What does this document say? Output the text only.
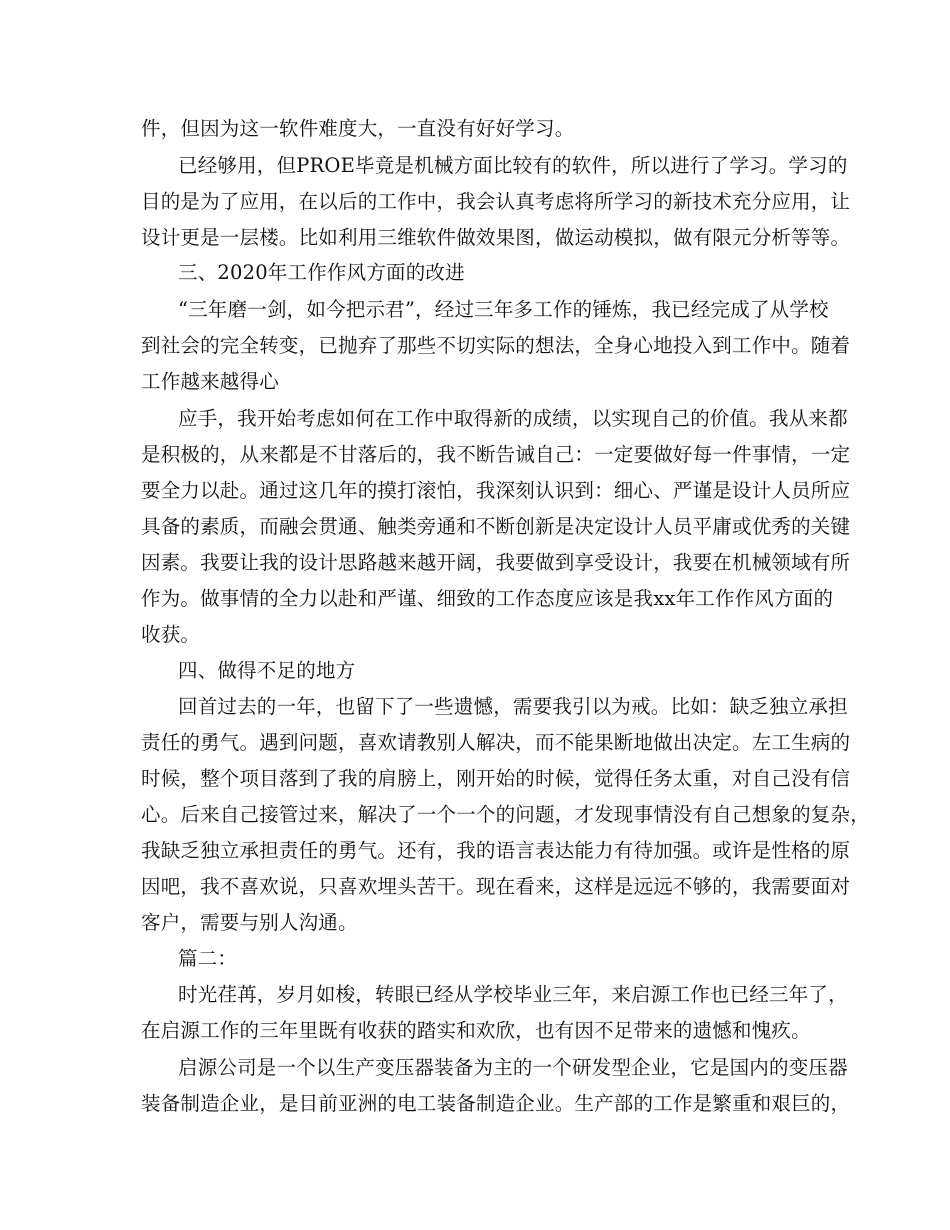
件，但因为这一软件难度大，一直没有好好学习。
已经够用，但PROE毕竟是机械方面比较有的软件，所以进行了学习。学习的
目的是为了应用，在以后的工作中，我会认真考虑将所学习的新技术充分应用，让
设计更是一层楼。比如利用三维软件做效果图，做运动模拟，做有限元分析等等。
三、2020年工作作风方面的改进
“三年磨一剑，如今把示君”，经过三年多工作的锤炼，我已经完成了从学校
到社会的完全转变，已抛弃了那些不切实际的想法，全身心地投入到工作中。随着
工作越来越得心
应手，我开始考虑如何在工作中取得新的成绩，以实现自己的价值。我从来都
是积极的，从来都是不甘落后的，我不断告诫自己：一定要做好每一件事情，一定
要全力以赴。通过这几年的摸打滚怕，我深刻认识到：细心、严谨是设计人员所应
具备的素质，而融会贯通、触类旁通和不断创新是决定设计人员平庸或优秀的关键
因素。我要让我的设计思路越来越开阔，我要做到享受设计，我要在机械领域有所
作为。做事情的全力以赴和严谨、细致的工作态度应该是我xx年工作作风方面的
收获。
四、做得不足的地方
回首过去的一年，也留下了一些遗憾，需要我引以为戒。比如：缺乏独立承担
责任的勇气。遇到问题，喜欢请教别人解决，而不能果断地做出决定。左工生病的
时候，整个项目落到了我的肩膀上，刚开始的时候，觉得任务太重，对自己没有信
心。后来自己接管过来，解决了一个一个的问题，才发现事情没有自己想象的复杂，
我缺乏独立承担责任的勇气。还有，我的语言表达能力有待加强。或许是性格的原
因吧，我不喜欢说，只喜欢埋头苦干。现在看来，这样是远远不够的，我需要面对
客户，需要与别人沟通。
篇二：
时光荏苒，岁月如梭，转眼已经从学校毕业三年，来启源工作也已经三年了，
在启源工作的三年里既有收获的踏实和欢欣，也有因不足带来的遗憾和愧疚。
启源公司是一个以生产变压器装备为主的一个研发型企业，它是国内的变压器
装备制造企业，是目前亚洲的电工装备制造企业。生产部的工作是繁重和艰巨的，
